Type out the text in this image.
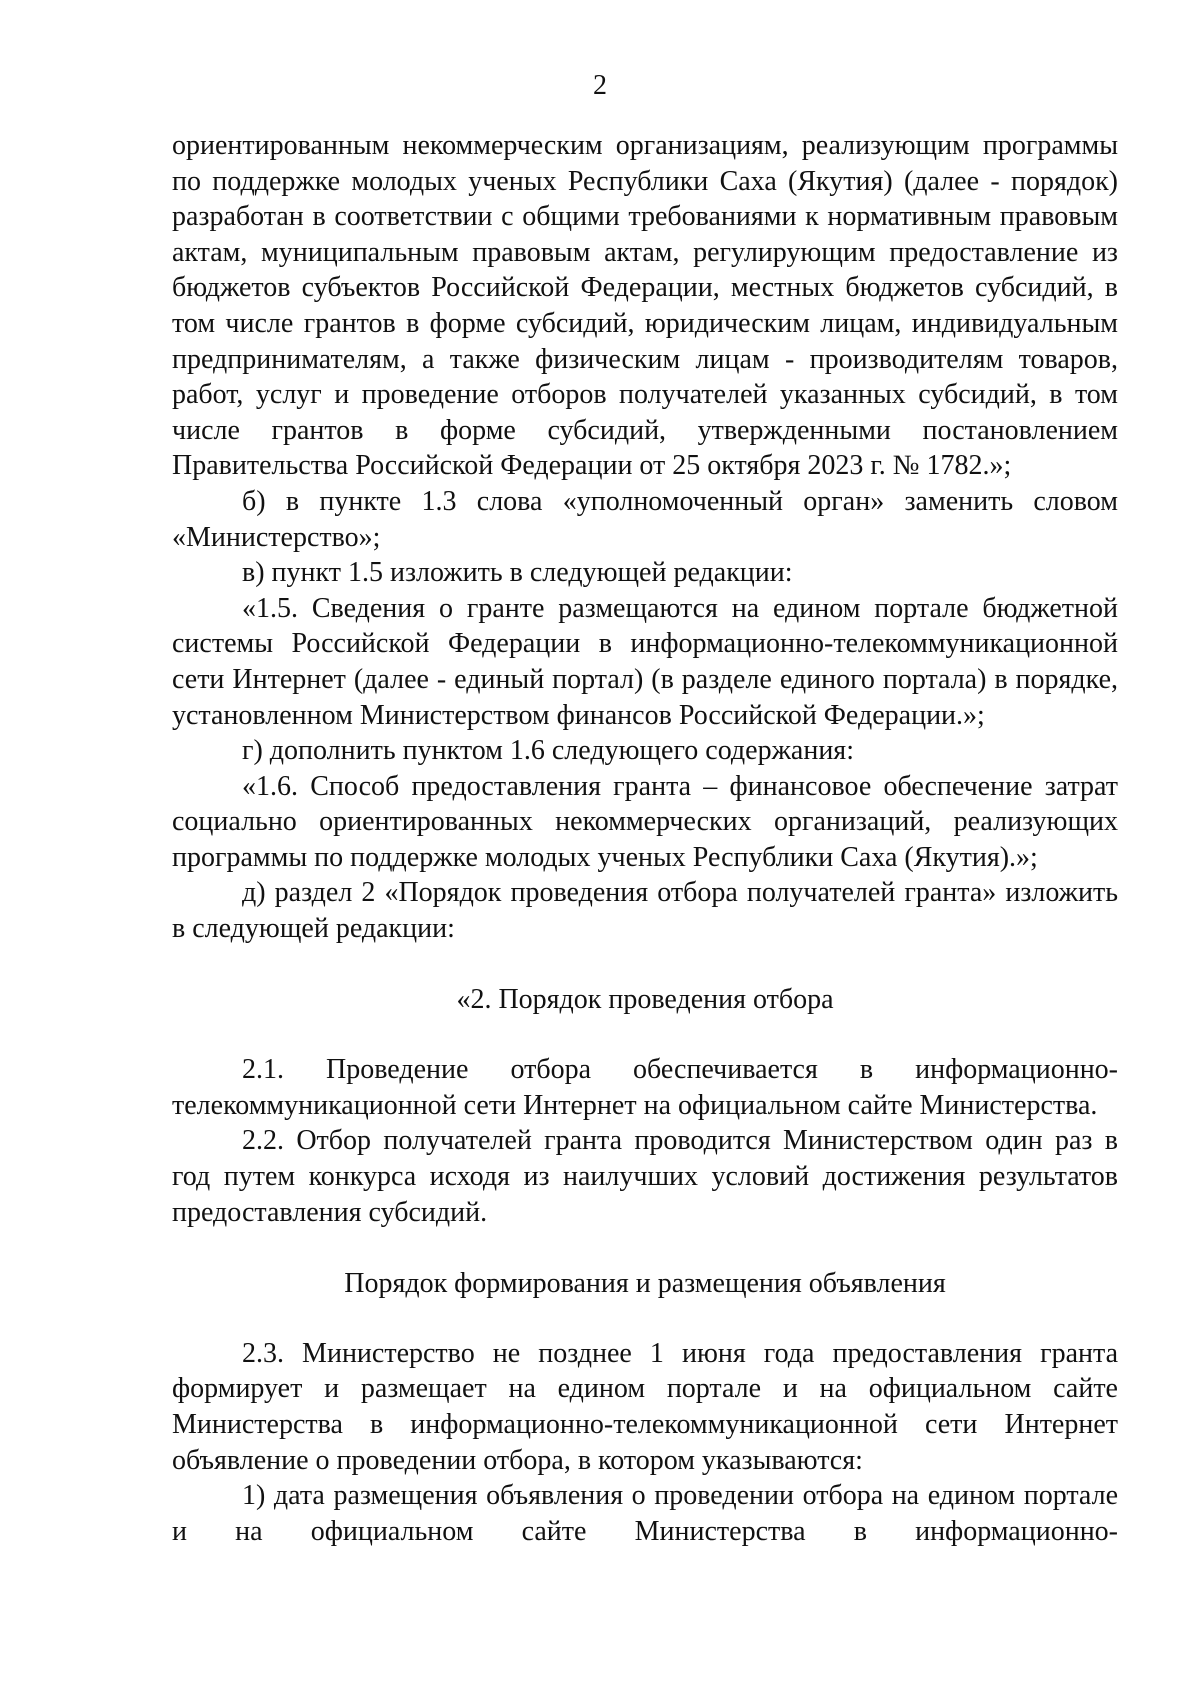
2

ориентированным некоммерческим организациям, реализующим программы по поддержке молодых ученых Республики Саха (Якутия) (далее - порядок) разработан в соответствии с общими требованиями к нормативным правовым актам, муниципальным правовым актам, регулирующим предоставление из бюджетов субъектов Российской Федерации, местных бюджетов субсидий, в том числе грантов в форме субсидий, юридическим лицам, индивидуальным предпринимателям, а также физическим лицам - производителям товаров, работ, услуг и проведение отборов получателей указанных субсидий, в том числе грантов в форме субсидий, утвержденными постановлением Правительства Российской Федерации от 25 октября 2023 г. № 1782.»;

б) в пункте 1.3 слова «уполномоченный орган» заменить словом «Министерство»;

в) пункт 1.5 изложить в следующей редакции:

«1.5. Сведения о гранте размещаются на едином портале бюджетной системы Российской Федерации в информационно-телекоммуникационной сети Интернет (далее - единый портал) (в разделе единого портала) в порядке, установленном Министерством финансов Российской Федерации.»;

г) дополнить пунктом 1.6 следующего содержания:

«1.6. Способ предоставления гранта – финансовое обеспечение затрат социально ориентированных некоммерческих организаций, реализующих программы по поддержке молодых ученых Республики Саха (Якутия).»;

д) раздел 2 «Порядок проведения отбора получателей гранта» изложить в следующей редакции:

«2. Порядок проведения отбора

2.1. Проведение отбора обеспечивается в информационно-телекоммуникационной сети Интернет на официальном сайте Министерства.

2.2. Отбор получателей гранта проводится Министерством один раз в год путем конкурса исходя из наилучших условий достижения результатов предоставления субсидий.

Порядок формирования и размещения объявления

2.3. Министерство не позднее 1 июня года предоставления гранта формирует и размещает на едином портале и на официальном сайте Министерства в информационно-телекоммуникационной сети Интернет объявление о проведении отбора, в котором указываются:

1) дата размещения объявления о проведении отбора на едином портале и на официальном сайте Министерства в информационно-
